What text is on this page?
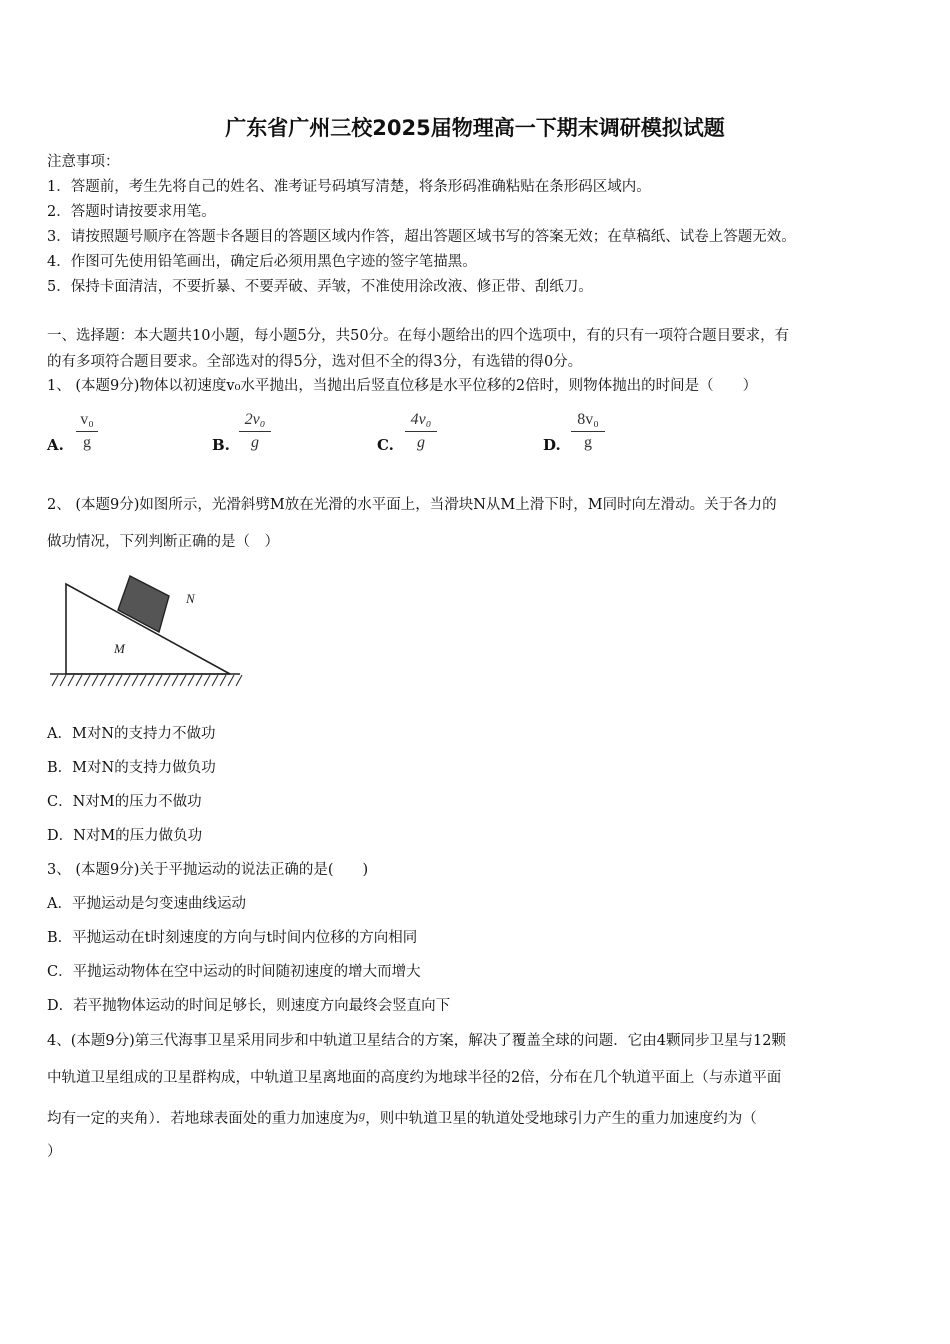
广东省广州三校2025届物理高一下期末调研模拟试题
注意事项：
1．答题前，考生先将自己的姓名、准考证号码填写清楚，将条形码准确粘贴在条形码区域内。
2．答题时请按要求用笔。
3．请按照题号顺序在答题卡各题目的答题区域内作答，超出答题区域书写的答案无效；在草稿纸、试卷上答题无效。
4．作图可先使用铅笔画出，确定后必须用黑色字迹的签字笔描黑。
5．保持卡面清洁，不要折暴、不要弄破、弄皱，不准使用涂改液、修正带、刮纸刀。
一、选择题：本大题共10小题，每小题5分，共50分。在每小题给出的四个选项中，有的只有一项符合题目要求，有
的有多项符合题目要求。全部选对的得5分，选对但不全的得3分，有选错的得0分。
1、 (本题9分)物体以初速度v₀水平抛出，当抛出后竖直位移是水平位移的2倍时，则物体抛出的时间是（　　）
A.
v₀
g	B.
2v₀
g	C.
4v₀
g	D.
8v₀
g
2、 (本题9分)如图所示，光滑斜劈M放在光滑的水平面上，当滑块N从M上滑下时，M同时向左滑动。关于各力的
做功情况，下列判断正确的是（　）
N
M
A．M对N的支持力不做功
B．M对N的支持力做负功
C．N对M的压力不做功
D．N对M的压力做负功
3、 (本题9分)关于平抛运动的说法正确的是(　　)
A．平抛运动是匀变速曲线运动
B．平抛运动在t时刻速度的方向与t时间内位移的方向相同
C．平抛运动物体在空中运动的时间随初速度的增大而增大
D．若平抛物体运动的时间足够长，则速度方向最终会竖直向下
4、(本题9分)第三代海事卫星采用同步和中轨道卫星结合的方案，解决了覆盖全球的问题．它由4颗同步卫星与12颗
中轨道卫星组成的卫星群构成，中轨道卫星离地面的高度约为地球半径的2倍，分布在几个轨道平面上（与赤道平面
均有一定的夹角）．若地球表面处的重力加速度为g，则中轨道卫星的轨道处受地球引力产生的重力加速度约为（
）
